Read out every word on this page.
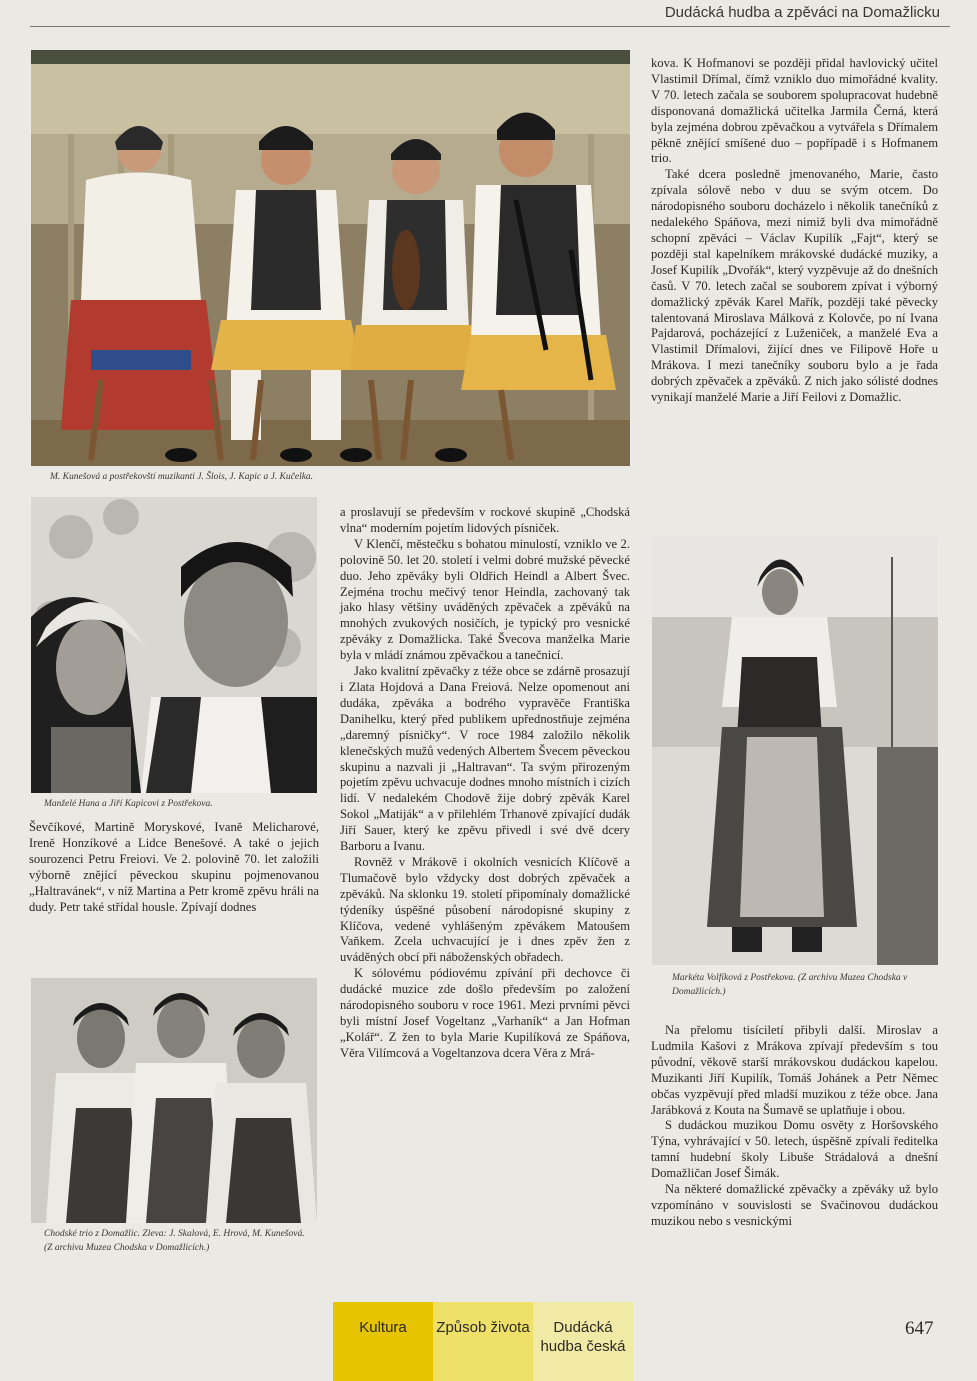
Dudácká hudba a zpěváci na Domažlicku
M. Kunešová a postřekovští muzikanti J. Šlois, J. Kapic a J. Kučelka.
Manželé Hana a Jiří Kapicovi z Postřekova.

Ševčíkové, Martině Moryskové, Ivaně Melicharové, Ireně Honzíkové a Lidce Benešové. A také o jejich sourozenci Petru Freiovi. Ve 2. polovině 70. let založili výborně znějící pěveckou skupinu pojmenovanou „Haltravánek“, v níž Martina a Petr kromě zpěvu hráli na dudy. Petr také střídal housle. Zpívají dodnes

Chodské trio z Domažlic. Zleva: J. Skalová, E. Hrová, M. Kunešová. (Z archivu Muzea Chodska v Domažlicích.)

a proslavují se především v rockové skupině „Chodská vlna“ moderním pojetím lidových písniček.

V Klenčí, městečku s bohatou minulostí, vzniklo ve 2. polovině 50. let 20. století i velmi dobré mužské pěvecké duo. Jeho zpěváky byli Oldřich Heindl a Albert Švec. Zejména trochu mečivý tenor Heindla, zachovaný tak jako hlasy většiny uváděných zpěvaček a zpěváků na mnohých zvukových nosičích, je typický pro vesnické zpěváky z Domažlicka. Také Švecova manželka Marie byla v mládí známou zpěvačkou a tanečnicí.

Jako kvalitní zpěvačky z téže obce se zdárně prosazují i Zlata Hojdová a Dana Freiová. Nelze opomenout ani dudáka, zpěváka a bodrého vypravěče Františka Danihelku, který před publikem upřednostňuje zejména „daremný písničky“. V roce 1984 založilo několik klenečských mužů vedených Albertem Švecem pěveckou skupinu a nazvali ji „Haltravan“. Ta svým přirozeným pojetím zpěvu uchvacuje dodnes mnoho místních i cizích lidí. V nedalekém Chodově žije dobrý zpěvák Karel Sokol „Matiják“ a v přilehlém Trhanově zpívající dudák Jiří Sauer, který ke zpěvu přivedl i své dvě dcery Barboru a Ivanu.

Rovněž v Mrákově i okolních vesnicích Klíčově a Tlumačově bylo vždycky dost dobrých zpěvaček a zpěváků. Na sklonku 19. století připomínaly domažlické týdeníky úspěšné působení národopisné skupiny z Klíčova, vedené vyhlášeným zpěvákem Matoušem Vaňkem. Zcela uchvacující je i dnes zpěv žen z uváděných obcí při náboženských obřadech.

K sólovému pódiovému zpívání při dechovce či dudácké muzice zde došlo především po založení národopisného souboru v roce 1961. Mezi prvními pěvci byli místní Josef Vogeltanz „Varhaník“ a Jan Hofman „Kolář“. Z žen to byla Marie Kupilíková ze Spáňova, Věra Vilímcová a Vogeltanzova dcera Věra z Mrá-

kova. K Hofmanovi se později přidal havlovický učitel Vlastimil Dřímal, čímž vzniklo duo mimořádné kvality. V 70. letech začala se souborem spolupracovat hudebně disponovaná domažlická učitelka Jarmila Černá, která byla zejména dobrou zpěvačkou a vytvářela s Dřímalem pěkně znějící smíšené duo – popřípadě i s Hofmanem trio.

Také dcera posledně jmenovaného, Marie, často zpívala sólově nebo v duu se svým otcem. Do národopisného souboru docházelo i několik tanečníků z nedalekého Spáňova, mezi nimiž byli dva mimořádně schopní zpěváci – Václav Kupilík „Fajt“, který se později stal kapelníkem mrákovské dudácké muziky, a Josef Kupilík „Dvořák“, který vyzpěvuje až do dnešních časů. V 70. letech začal se souborem zpívat i výborný domažlický zpěvák Karel Mařík, později také pěvecky talentovaná Miroslava Málková z Kolovče, po ní Ivana Pajdarová, pocházející z Luženiček, a manželé Eva a Vlastimil Dřímalovi, žijící dnes ve Filipově Hoře u Mrákova. I mezi tanečníky souboru bylo a je řada dobrých zpěvaček a zpěváků. Z nich jako sólisté dodnes vynikají manželé Marie a Jiří Feilovi z Domažlic.

Markéta Volfíková z Postřekova. (Z archivu Muzea Chodska v Domažlicích.)

Na přelomu tisíciletí přibyli další. Miroslav a Ludmila Kašovi z Mrákova zpívají především s tou původní, věkově starší mrákovskou dudáckou kapelou. Muzikanti Jiří Kupilík, Tomáš Johánek a Petr Němec občas vyzpěvují před mladší muzikou z téže obce. Jana Jarábková z Kouta na Šumavě se uplatňuje i obou.

S dudáckou muzikou Domu osvěty z Horšovského Týna, vyhrávající v 50. letech, úspěšně zpívali ředitelka tamní hudební školy Libuše Strádalová a dnešní Domažličan Josef Šimák.

Na některé domažlické zpěvačky a zpěváky už bylo vzpomínáno v souvislosti se Svačinovou dudáckou muzikou nebo s vesnickými

Kultura	Způsob života	Dudácká hudba česká
647
